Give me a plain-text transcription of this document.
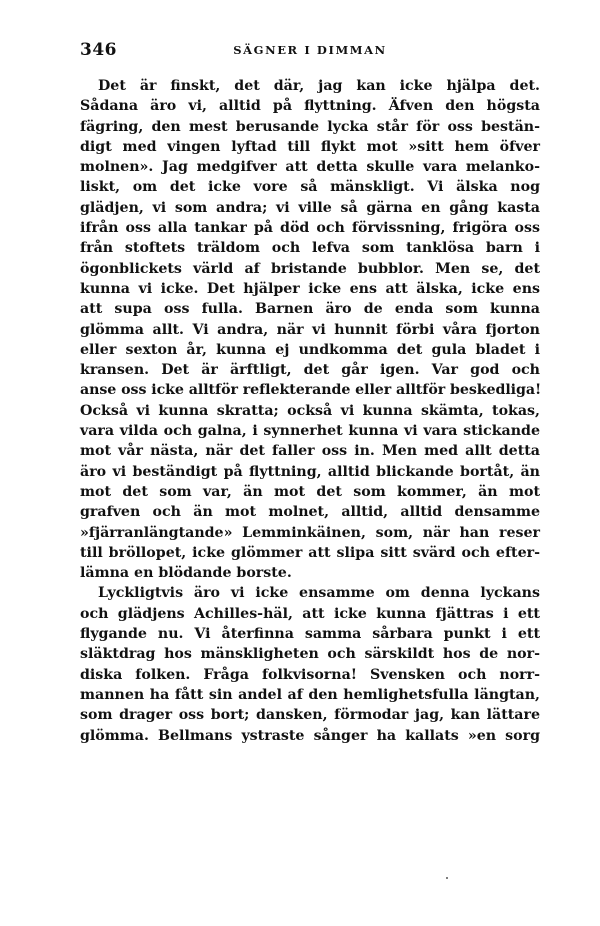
346	SÄGNER I DIMMAN
Det är finskt, det där, jag kan icke hjälpa det.
Sådana äro vi, alltid på flyttning. Äfven den högsta
fägring, den mest berusande lycka står för oss bestän-
digt med vingen lyftad till flykt mot »sitt hem öfver
molnen». Jag medgifver att detta skulle vara melanko-
liskt, om det icke vore så mänskligt. Vi älska nog
glädjen, vi som andra; vi ville så gärna en gång kasta
ifrån oss alla tankar på död och förvissning, frigöra oss
från stoftets träldom och lefva som tanklösa barn i
ögonblickets värld af bristande bubblor. Men se, det
kunna vi icke. Det hjälper icke ens att älska, icke ens
att supa oss fulla. Barnen äro de enda som kunna
glömma allt. Vi andra, när vi hunnit förbi våra fjorton
eller sexton år, kunna ej undkomma det gula bladet i
kransen. Det är ärftligt, det går igen. Var god och
anse oss icke alltför reflekterande eller alltför beskedliga!
Också vi kunna skratta; också vi kunna skämta, tokas,
vara vilda och galna, i synnerhet kunna vi vara stickande
mot vår nästa, när det faller oss in. Men med allt detta
äro vi beständigt på flyttning, alltid blickande bortåt, än
mot det som var, än mot det som kommer, än mot
grafven och än mot molnet, alltid, alltid densamme
»fjärranlängtande» Lemminkäinen, som, när han reser
till bröllopet, icke glömmer att slipa sitt svärd och efter-
lämna en blödande borste.
Lyckligtvis äro vi icke ensamme om denna lyckans
och glädjens Achilles-häl, att icke kunna fjättras i ett
flygande nu. Vi återfinna samma sårbara punkt i ett
släktdrag hos mänskligheten och särskildt hos de nor-
diska folken. Fråga folkvisorna! Svensken och norr-
mannen ha fått sin andel af den hemlighetsfulla längtan,
som drager oss bort; dansken, förmodar jag, kan lättare
glömma. Bellmans ystraste sånger ha kallats »en sorg
